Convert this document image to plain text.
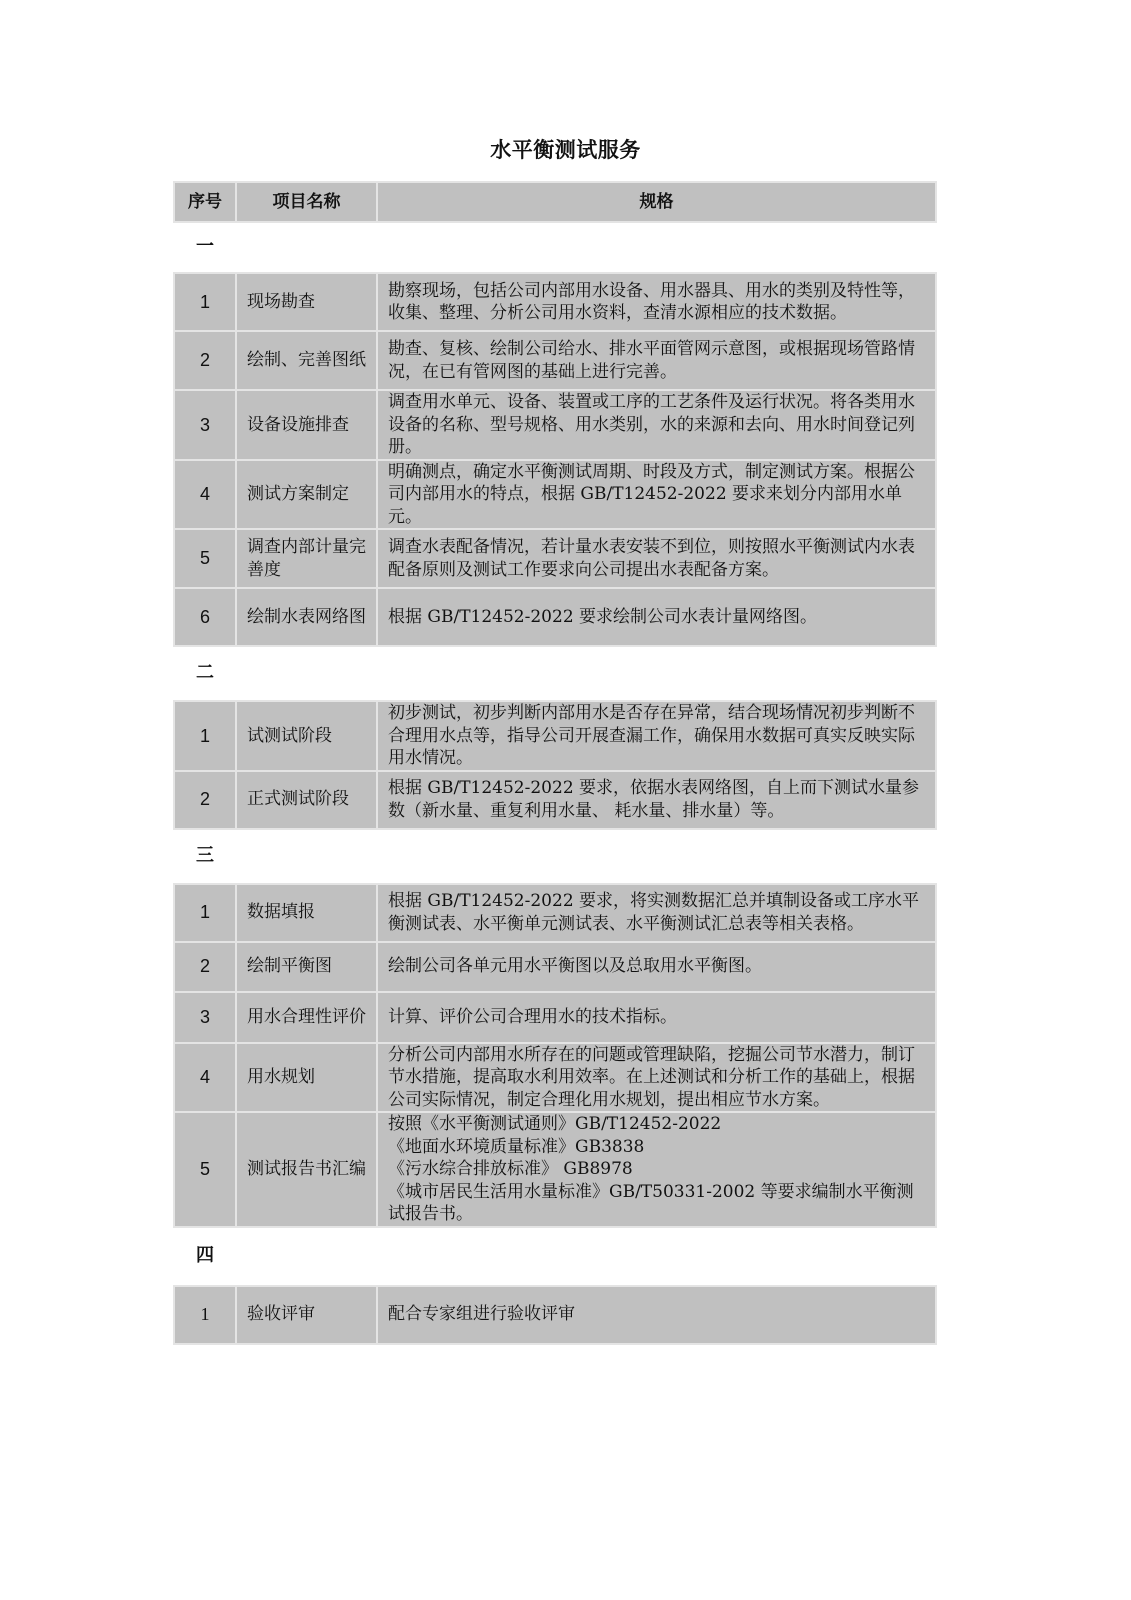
水平衡测试服务
序号	项目名称	规格
一		
1	现场勘查	勘察现场，包括公司内部用水设备、用水器具、用水的类别及特性等，收集、整理、分析公司用水资料，查清水源相应的技术数据。

2	绘制、完善图纸	勘查、复核、绘制公司给水、排水平面管网示意图，或根据现场管路情况，在已有管网图的基础上进行完善。

3	设备设施排查	调查用水单元、设备、装置或工序的工艺条件及运行状况。将各类用水设备的名称、型号规格、用水类别，水的来源和去向、用水时间登记列册。

4	测试方案制定	明确测点，确定水平衡测试周期、时段及方式，制定测试方案。根据公司内部用水的特点，根据 GB/T12452-2022 要求来划分内部用水单元。

5	调查内部计量完善度	调查水表配备情况，若计量水表安装不到位，则按照水平衡测试内水表配备原则及测试工作要求向公司提出水表配备方案。

6	绘制水表网络图	根据 GB/T12452-2022 要求绘制公司水表计量网络图。

二		
1	试测试阶段	初步测试，初步判断内部用水是否存在异常，结合现场情况初步判断不合理用水点等，指导公司开展查漏工作，确保用水数据可真实反映实际用水情况。

2	正式测试阶段	根据 GB/T12452-2022 要求，依据水表网络图，自上而下测试水量参数（新水量、重复利用水量、 耗水量、排水量）等。

三		
1	数据填报	根据 GB/T12452-2022 要求，将实测数据汇总并填制设备或工序水平衡测试表、水平衡单元测试表、水平衡测试汇总表等相关表格。

2	绘制平衡图	绘制公司各单元用水平衡图以及总取用水平衡图。

3	用水合理性评价	计算、评价公司合理用水的技术指标。

4	用水规划	分析公司内部用水所存在的问题或管理缺陷，挖掘公司节水潜力，制订节水措施，提高取水利用效率。在上述测试和分析工作的基础上，根据公司实际情况，制定合理化用水规划，提出相应节水方案。

5	测试报告书汇编	按照《水平衡测试通则》GB/T12452-2022
《地面水环境质量标准》GB3838
《污水综合排放标准》 GB8978
《城市居民生活用水量标准》GB/T50331-2002 等要求编制水平衡测试报告书。

四		
1	验收评审	配合专家组进行验收评审
